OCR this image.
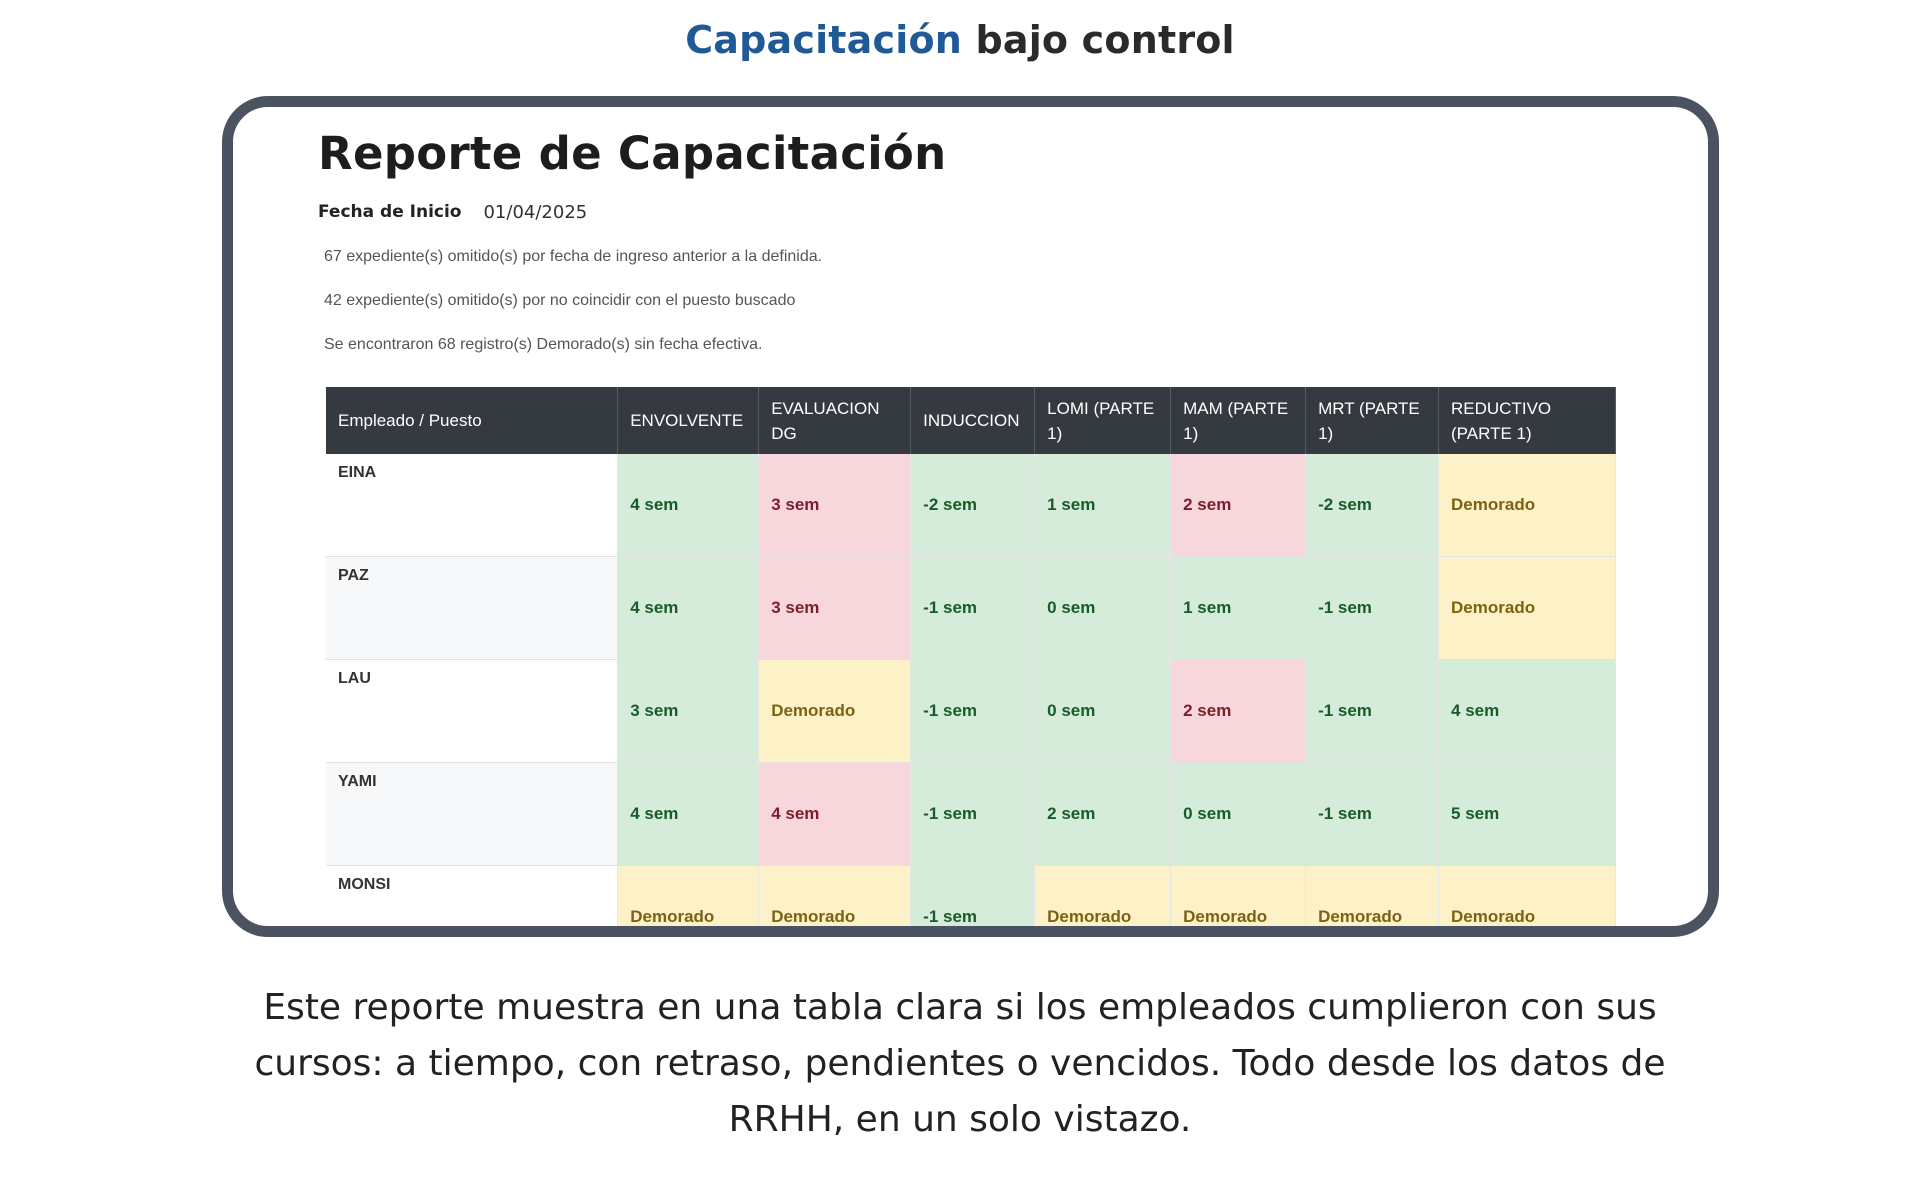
Capacitación bajo control
Reporte de Capacitación
Fecha de Inicio 01/04/2025
67 expediente(s) omitido(s) por fecha de ingreso anterior a la definida.
42 expediente(s) omitido(s) por no coincidir con el puesto buscado
Se encontraron 68 registro(s) Demorado(s) sin fecha efectiva.
Empleado / Puesto	ENVOLVENTE	EVALUACION DG	INDUCCION	LOMI (PARTE 1)	MAM (PARTE 1)	MRT (PARTE 1)	REDUCTIVO (PARTE 1)
EINA	4 sem	3 sem	-2 sem	1 sem	2 sem	-2 sem	Demorado
PAZ	4 sem	3 sem	-1 sem	0 sem	1 sem	-1 sem	Demorado
LAU	3 sem	Demorado	-1 sem	0 sem	2 sem	-1 sem	4 sem
YAMI	4 sem	4 sem	-1 sem	2 sem	0 sem	-1 sem	5 sem
MONSI	Demorado	Demorado	-1 sem	Demorado	Demorado	Demorado	Demorado

Este reporte muestra en una tabla clara si los empleados cumplieron con sus

cursos: a tiempo, con retraso, pendientes o vencidos. Todo desde los datos de

RRHH, en un solo vistazo.
